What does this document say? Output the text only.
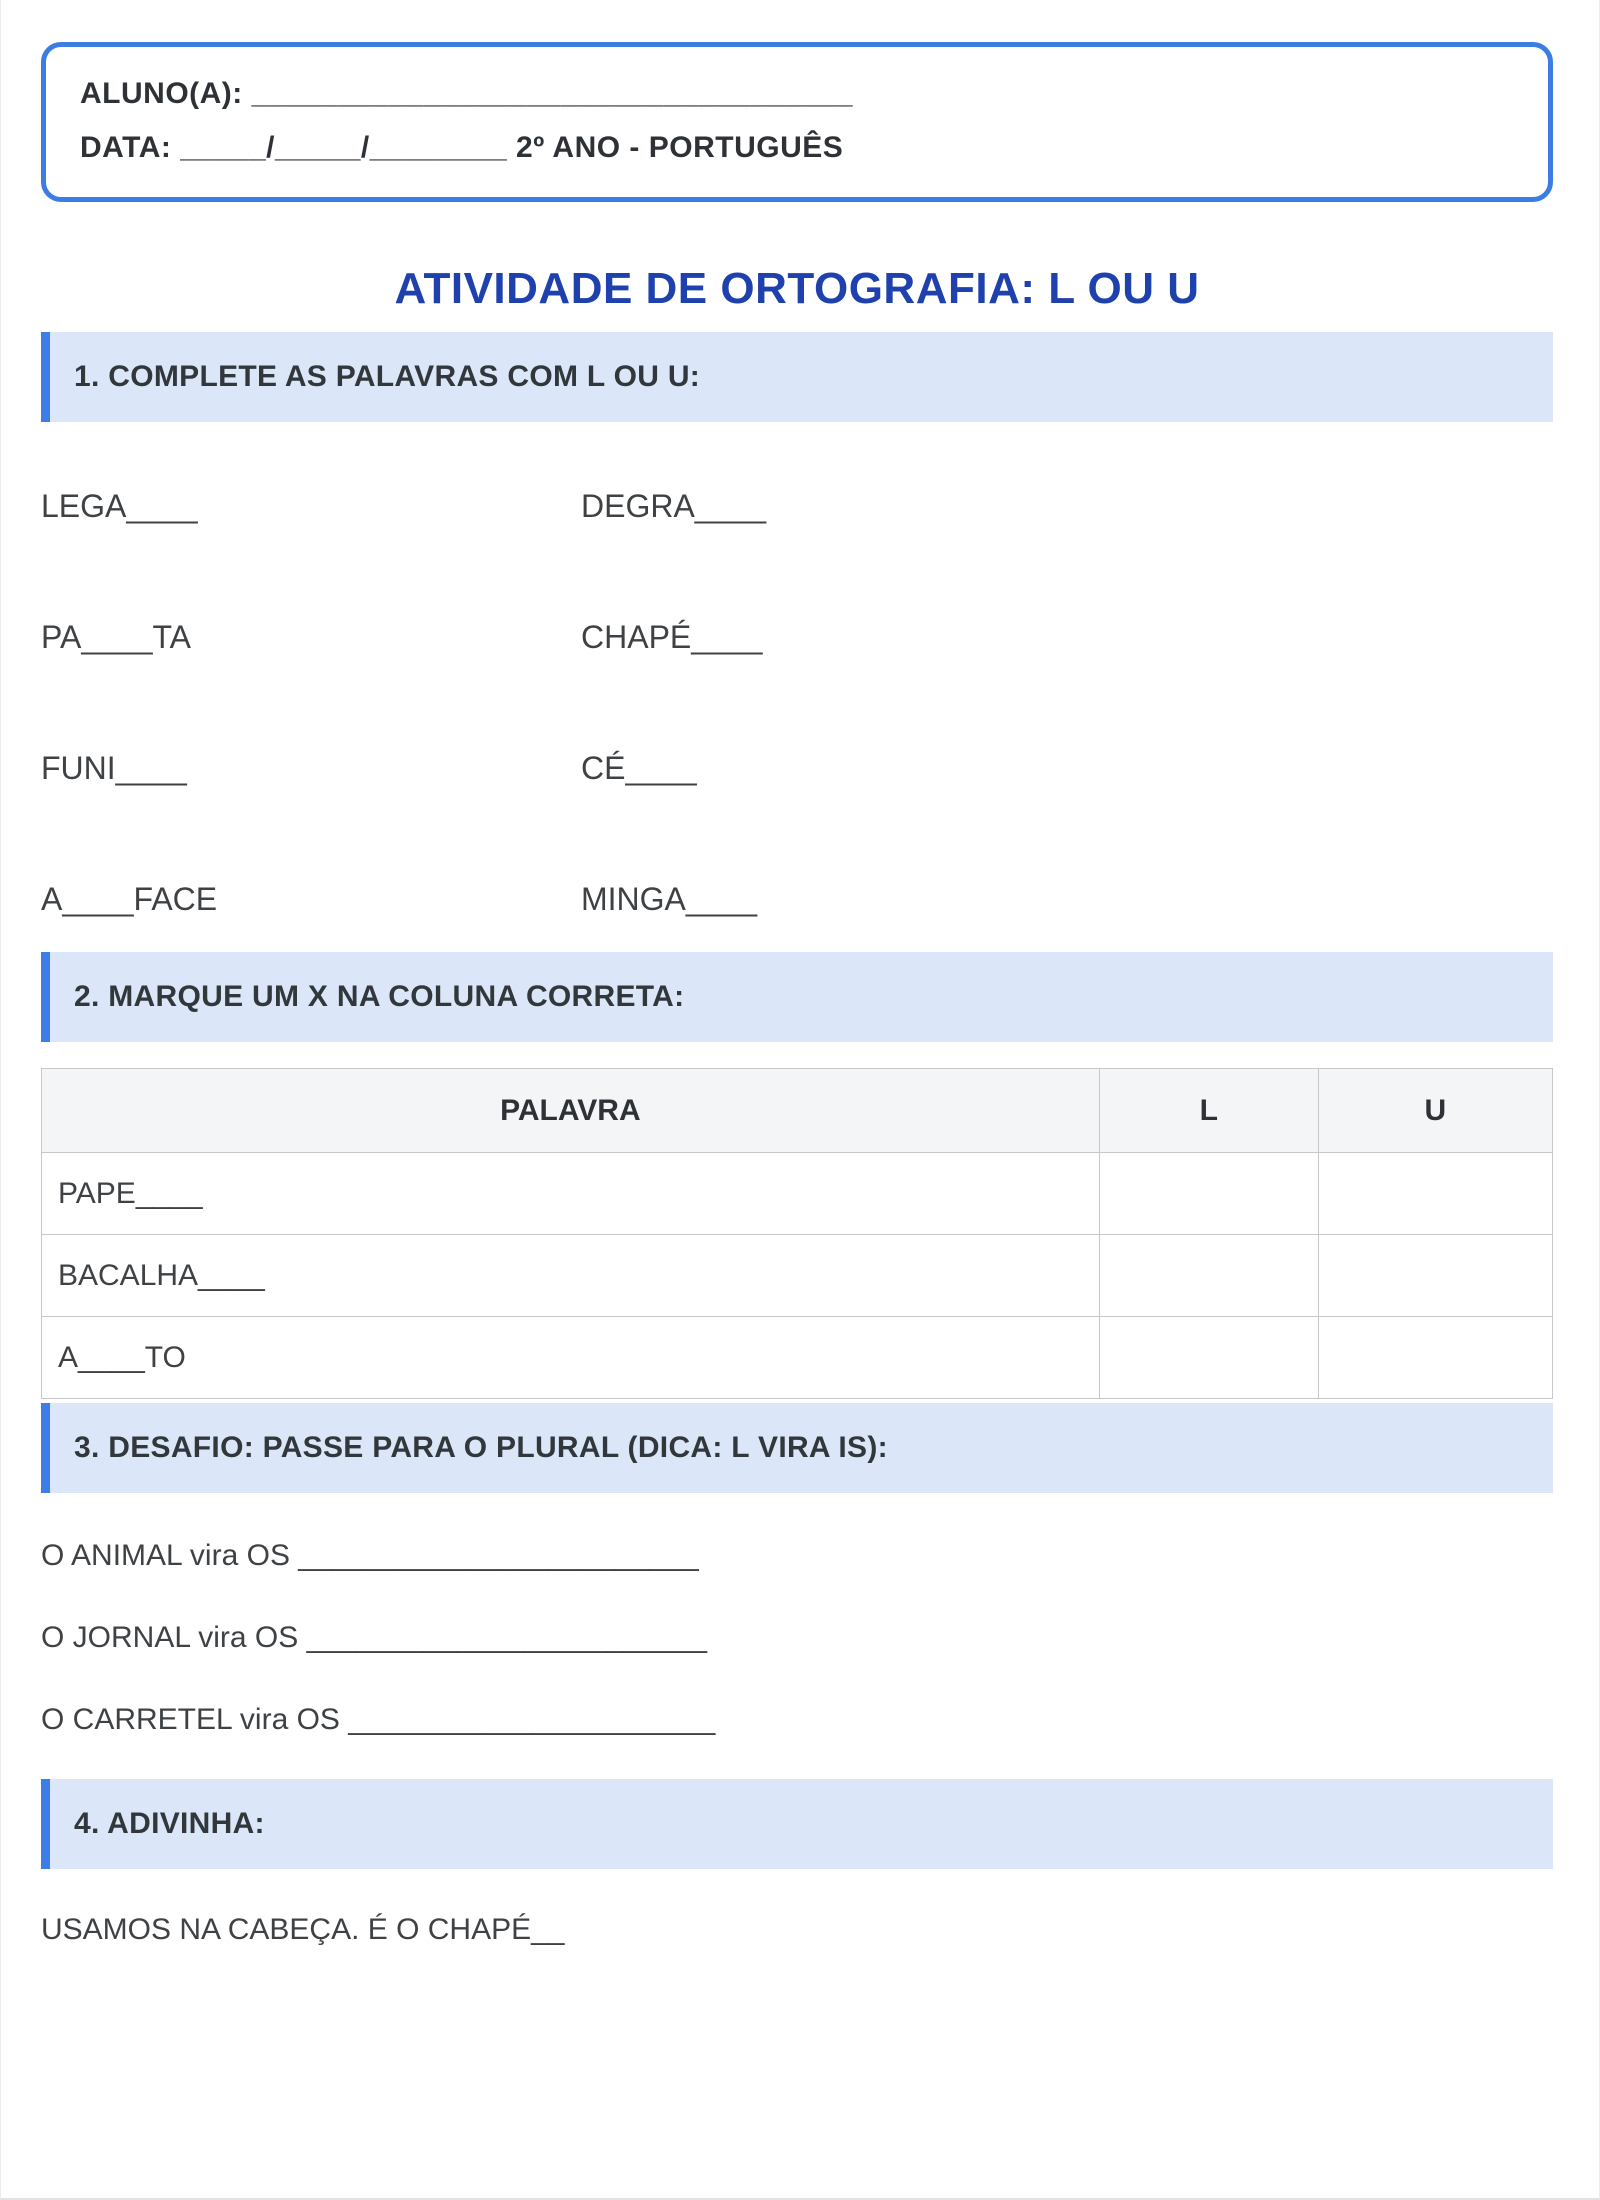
ALUNO(A): ___________________________________
DATA: _____/_____/________ 2º ANO - PORTUGUÊS
ATIVIDADE DE ORTOGRAFIA: L OU U
1. COMPLETE AS PALAVRAS COM L OU U:
LEGA____	DEGRA____
PA____TA	CHAPÉ____
FUNI____	CÉ____
A____FACE	MINGA____
2. MARQUE UM X NA COLUNA CORRETA:
PALAVRA	L	U
PAPE____		
BACALHA____		
A____TO		
3. DESAFIO: PASSE PARA O PLURAL (DICA: L VIRA IS):

O ANIMAL vira OS ________________________

O JORNAL vira OS ________________________

O CARRETEL vira OS ______________________

4. ADIVINHA:

USAMOS NA CABEÇA. É O CHAPÉ__
